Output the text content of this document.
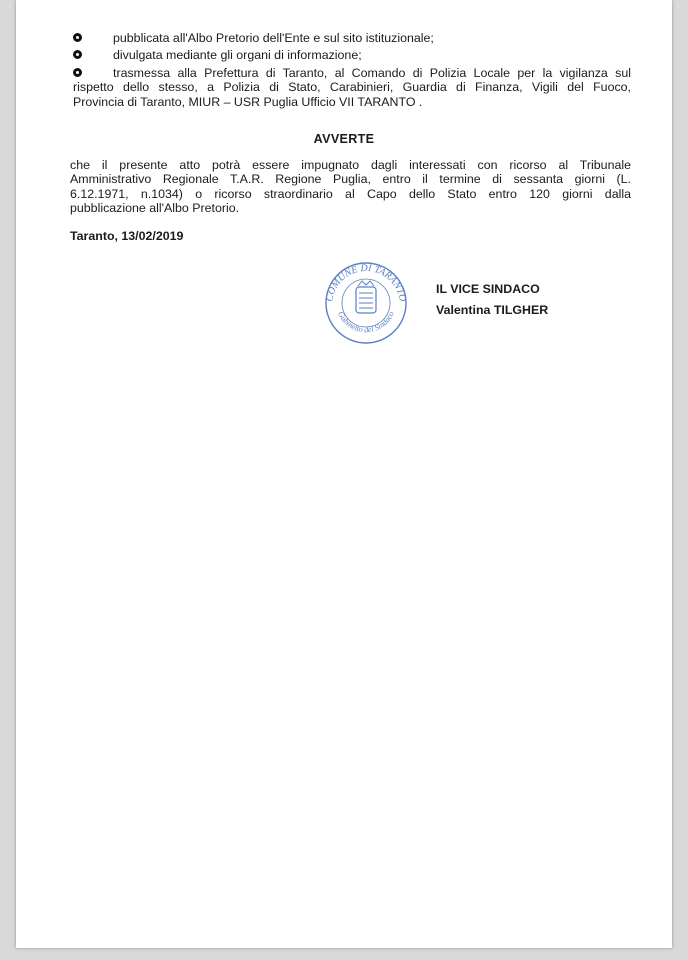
pubblicata all'Albo Pretorio dell'Ente e sul sito istituzionale;
divulgata mediante gli organi di informazione;

trasmessa alla Prefettura di Taranto, al Comando di Polizia Locale per la vigilanza sul

rispetto dello stesso, a Polizia di Stato, Carabinieri, Guardia di Finanza, Vigili del Fuoco,

Provincia di Taranto, MIUR – USR Puglia Ufficio VII TARANTO .

AVVERTE

che il presente atto potrà essere impugnato dagli interessati con ricorso al Tribunale

Amministrativo Regionale T.A.R. Regione Puglia, entro il termine di sessanta giorni (L.

6.12.1971, n.1034) o ricorso straordinario al Capo dello Stato entro 120 giorni dalla

pubblicazione all'Albo Pretorio.

Taranto, 13/02/2019
COMUNE DI TARANTO
Gabinetto del Sindaco
IL VICE SINDACO
Valentina TILGHER
